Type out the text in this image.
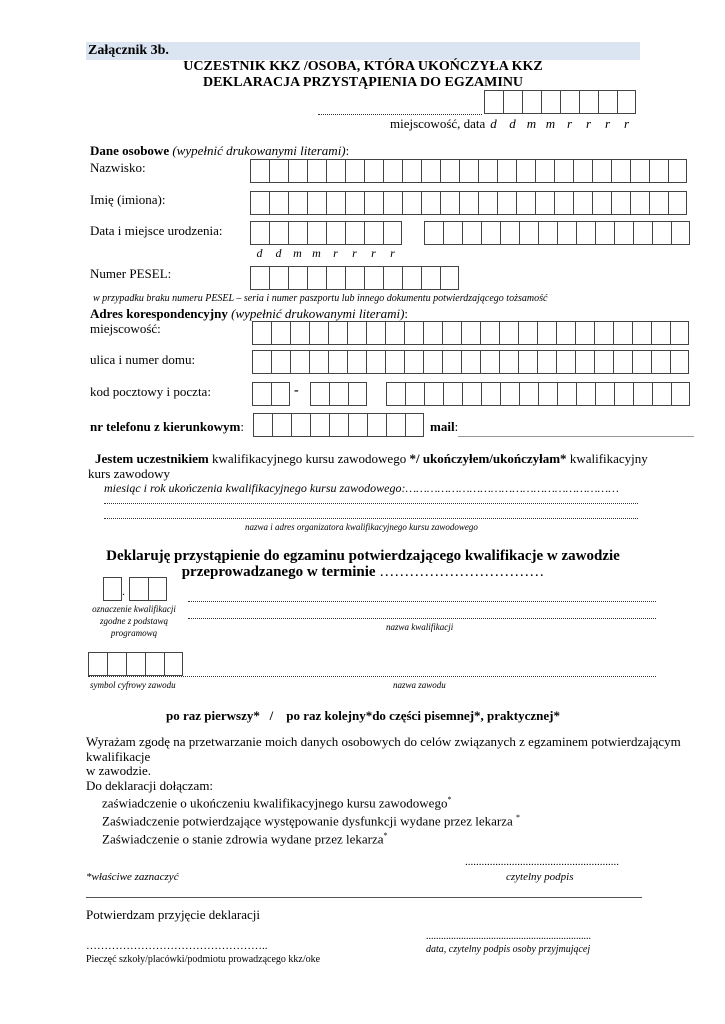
Załącznik 3b.
UCZESTNIK KKZ /OSOBA, KTÓRA UKOŃCZYŁA KKZ
DEKLARACJA PRZYSTĄPIENIA DO EGZAMINU
miejscowość, data d d m m r	r	r	r
Dane osobowe (wypełnić drukowanymi literami):
Nazwisko:
Imię (imiona):
Data i miejsce urodzenia:
d	d m m	r	r	r	r
Numer PESEL:
w przypadku braku numeru PESEL – seria i numer paszportu lub innego dokumentu potwierdzającego tożsamość
Adres korespondencyjny (wypełnić drukowanymi literami):
miejscowość:
ulica i numer domu:
kod pocztowy i poczta:	-
nr telefonu z kierunkowym:	mail:
Jestem uczestnikiem kwalifikacyjnego kursu zawodowego */ ukończyłem/ukończyłam* kwalifikacyjny
kurs zawodowy
miesiąc i rok ukończenia kwalifikacyjnego kursu zawodowego:……………………………………………………
nazwa i adres organizatora kwalifikacyjnego kursu zawodowego
Deklaruję przystąpienie do egzaminu potwierdzającego kwalifikacje w zawodzie
przeprowadzanego w terminie ……………………………
.
oznaczenie kwalifikacji zgodne z podstawą programową
nazwa kwalifikacji
symbol cyfrowy zawodu	nazwa zawodu
po raz pierwszy* / po raz kolejny*do części pisemnej*, praktycznej*
Wyrażam zgodę na przetwarzanie moich danych osobowych do celów związanych z egzaminem potwierdzającym
kwalifikacje
w zawodzie.
Do deklaracji dołączam:
zaświadczenie o ukończeniu kwalifikacyjnego kursu zawodowego*
Zaświadczenie potwierdzające występowanie dysfunkcji wydane przez lekarza *
Zaświadczenie o stanie zdrowia wydane przez lekarza*
........................................................
*właściwe zaznaczyć	czytelny podpis
Potwierdzam przyjęcie deklaracji
..................................................................
…………………………………………..	data, czytelny podpis osoby przyjmującej
Pieczęć szkoły/placówki/podmiotu prowadzącego kkz/oke
